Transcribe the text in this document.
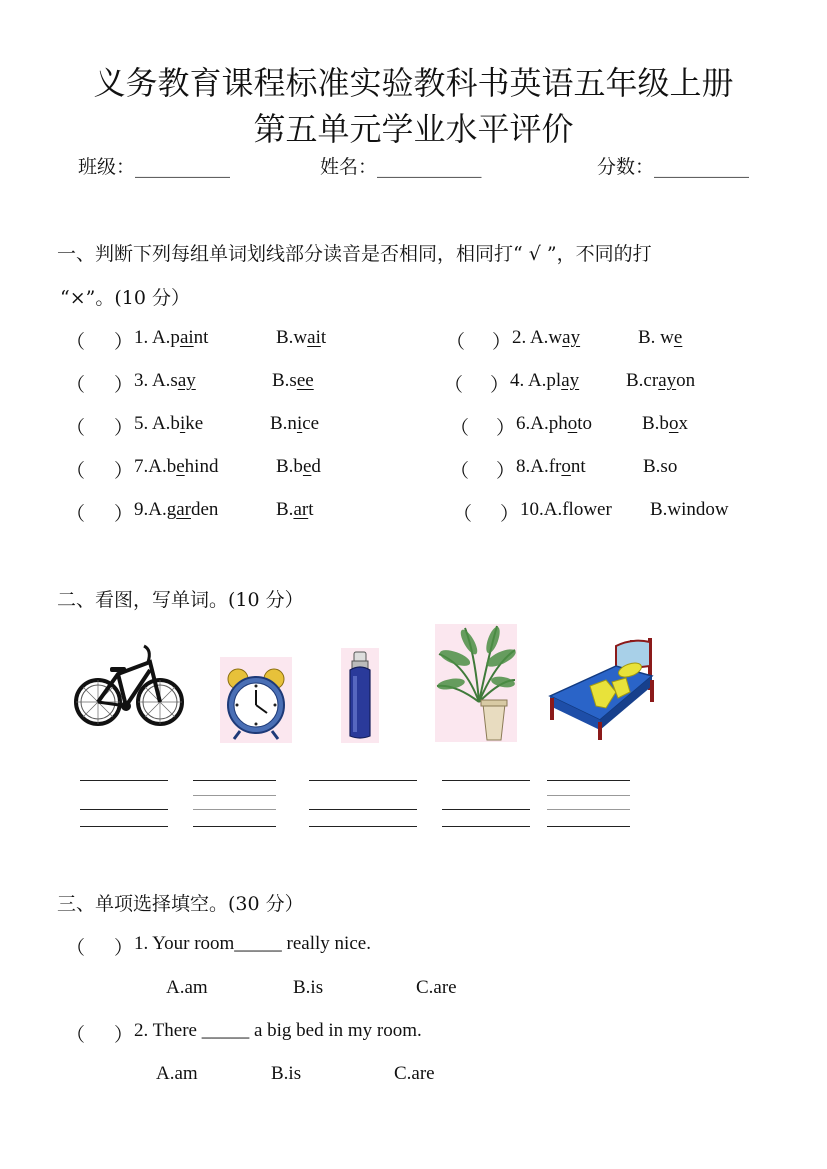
义务教育课程标准实验教科书英语五年级上册
第五单元学业水平评价
班级：__________	姓名：___________	分数：__________
一、判断下列每组单词划线部分读音是否相同，相同打“ √ ”，不同的打
“×”。(10 分）
（ ） 1. A.paint	B.wait	（ ） 2. A.way	B. we
（ ） 3. A.say	B.see	（ ） 4. A.play B.crayon
（ ） 5. A.bike	B.nice	（ ） 6.A.photo	B.box
（ ） 7.A.behind	B.bed	（ ） 8.A.front	B.so
（ ） 9.A.garden	B.art	（ ） 10.A.flower B.window
二、看图，写单词。(10 分）
三、单项选择填空。(30 分）
（ ） 1. Your room_____ really nice.
A.am	B.is	C.are
（ ） 2. There _____ a big bed in my room.
A.am	B.is	C.are
